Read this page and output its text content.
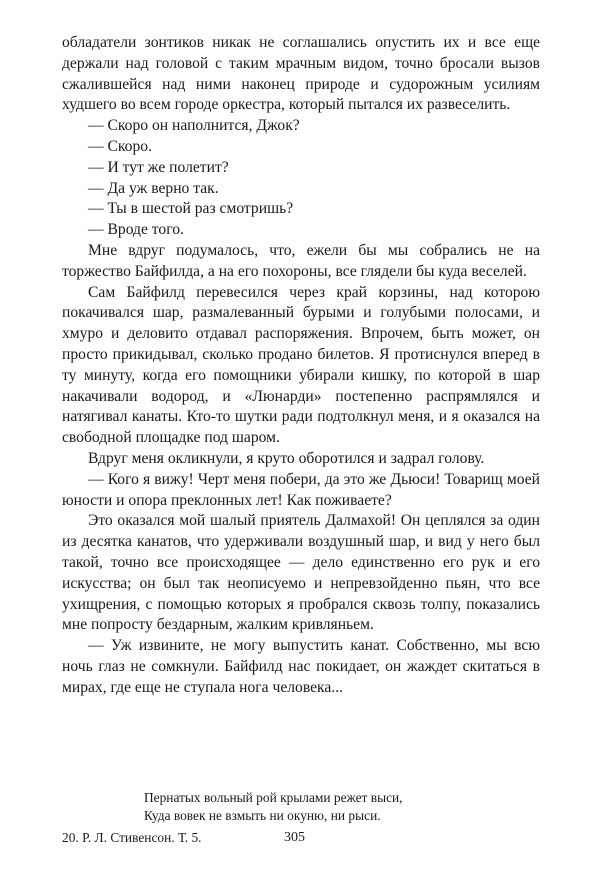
обладатели зонтиков никак не соглашались опустить их и все еще держали над головой с таким мрачным видом, точно бросали вызов сжалившейся над ними наконец природе и судорожным усилиям худшего во всем городе оркестра, который пытался их развеселить.

— Скоро он наполнится, Джок?

— Скоро.

— И тут же полетит?

— Да уж верно так.

— Ты в шестой раз смотришь?

— Вроде того.

Мне вдруг подумалось, что, ежели бы мы собрались не на торжество Байфилда, а на его похороны, все глядели бы куда веселей.

Сам Байфилд перевесился через край корзины, над которою покачивался шар, размалеванный бурыми и голубыми полосами, и хмуро и деловито отдавал распоряжения. Впрочем, быть может, он просто прикидывал, сколько продано билетов. Я протиснулся вперед в ту минуту, когда его помощники убирали кишку, по которой в шар накачивали водород, и «Люнарди» постепенно распрямлялся и натягивал канаты. Кто-то шутки ради подтолкнул меня, и я оказался на свободной площадке под шаром.

Вдруг меня окликнули, я круто оборотился и задрал голову.

— Кого я вижу! Черт меня побери, да это же Дьюси! Товарищ моей юности и опора преклонных лет! Как поживаете?

Это оказался мой шалый приятель Далмахой! Он цеплялся за один из десятка канатов, что удерживали воздушный шар, и вид у него был такой, точно все происходящее — дело единственно его рук и его искусства; он был так неописуемо и непревзойденно пьян, что все ухищрения, с помощью которых я пробрался сквозь толпу, показались мне попросту бездарным, жалким кривляньем.

— Уж извините, не могу выпустить канат. Собственно, мы всю ночь глаз не сомкнули. Байфилд нас покидает, он жаждет скитаться в мирах, где еще не ступала нога человека...

Пернатых вольный рой крылами режет выси,
Куда вовек не взмыть ни окуню, ни рыси.
20. Р. Л. Стивенсон. Т. 5.	305
